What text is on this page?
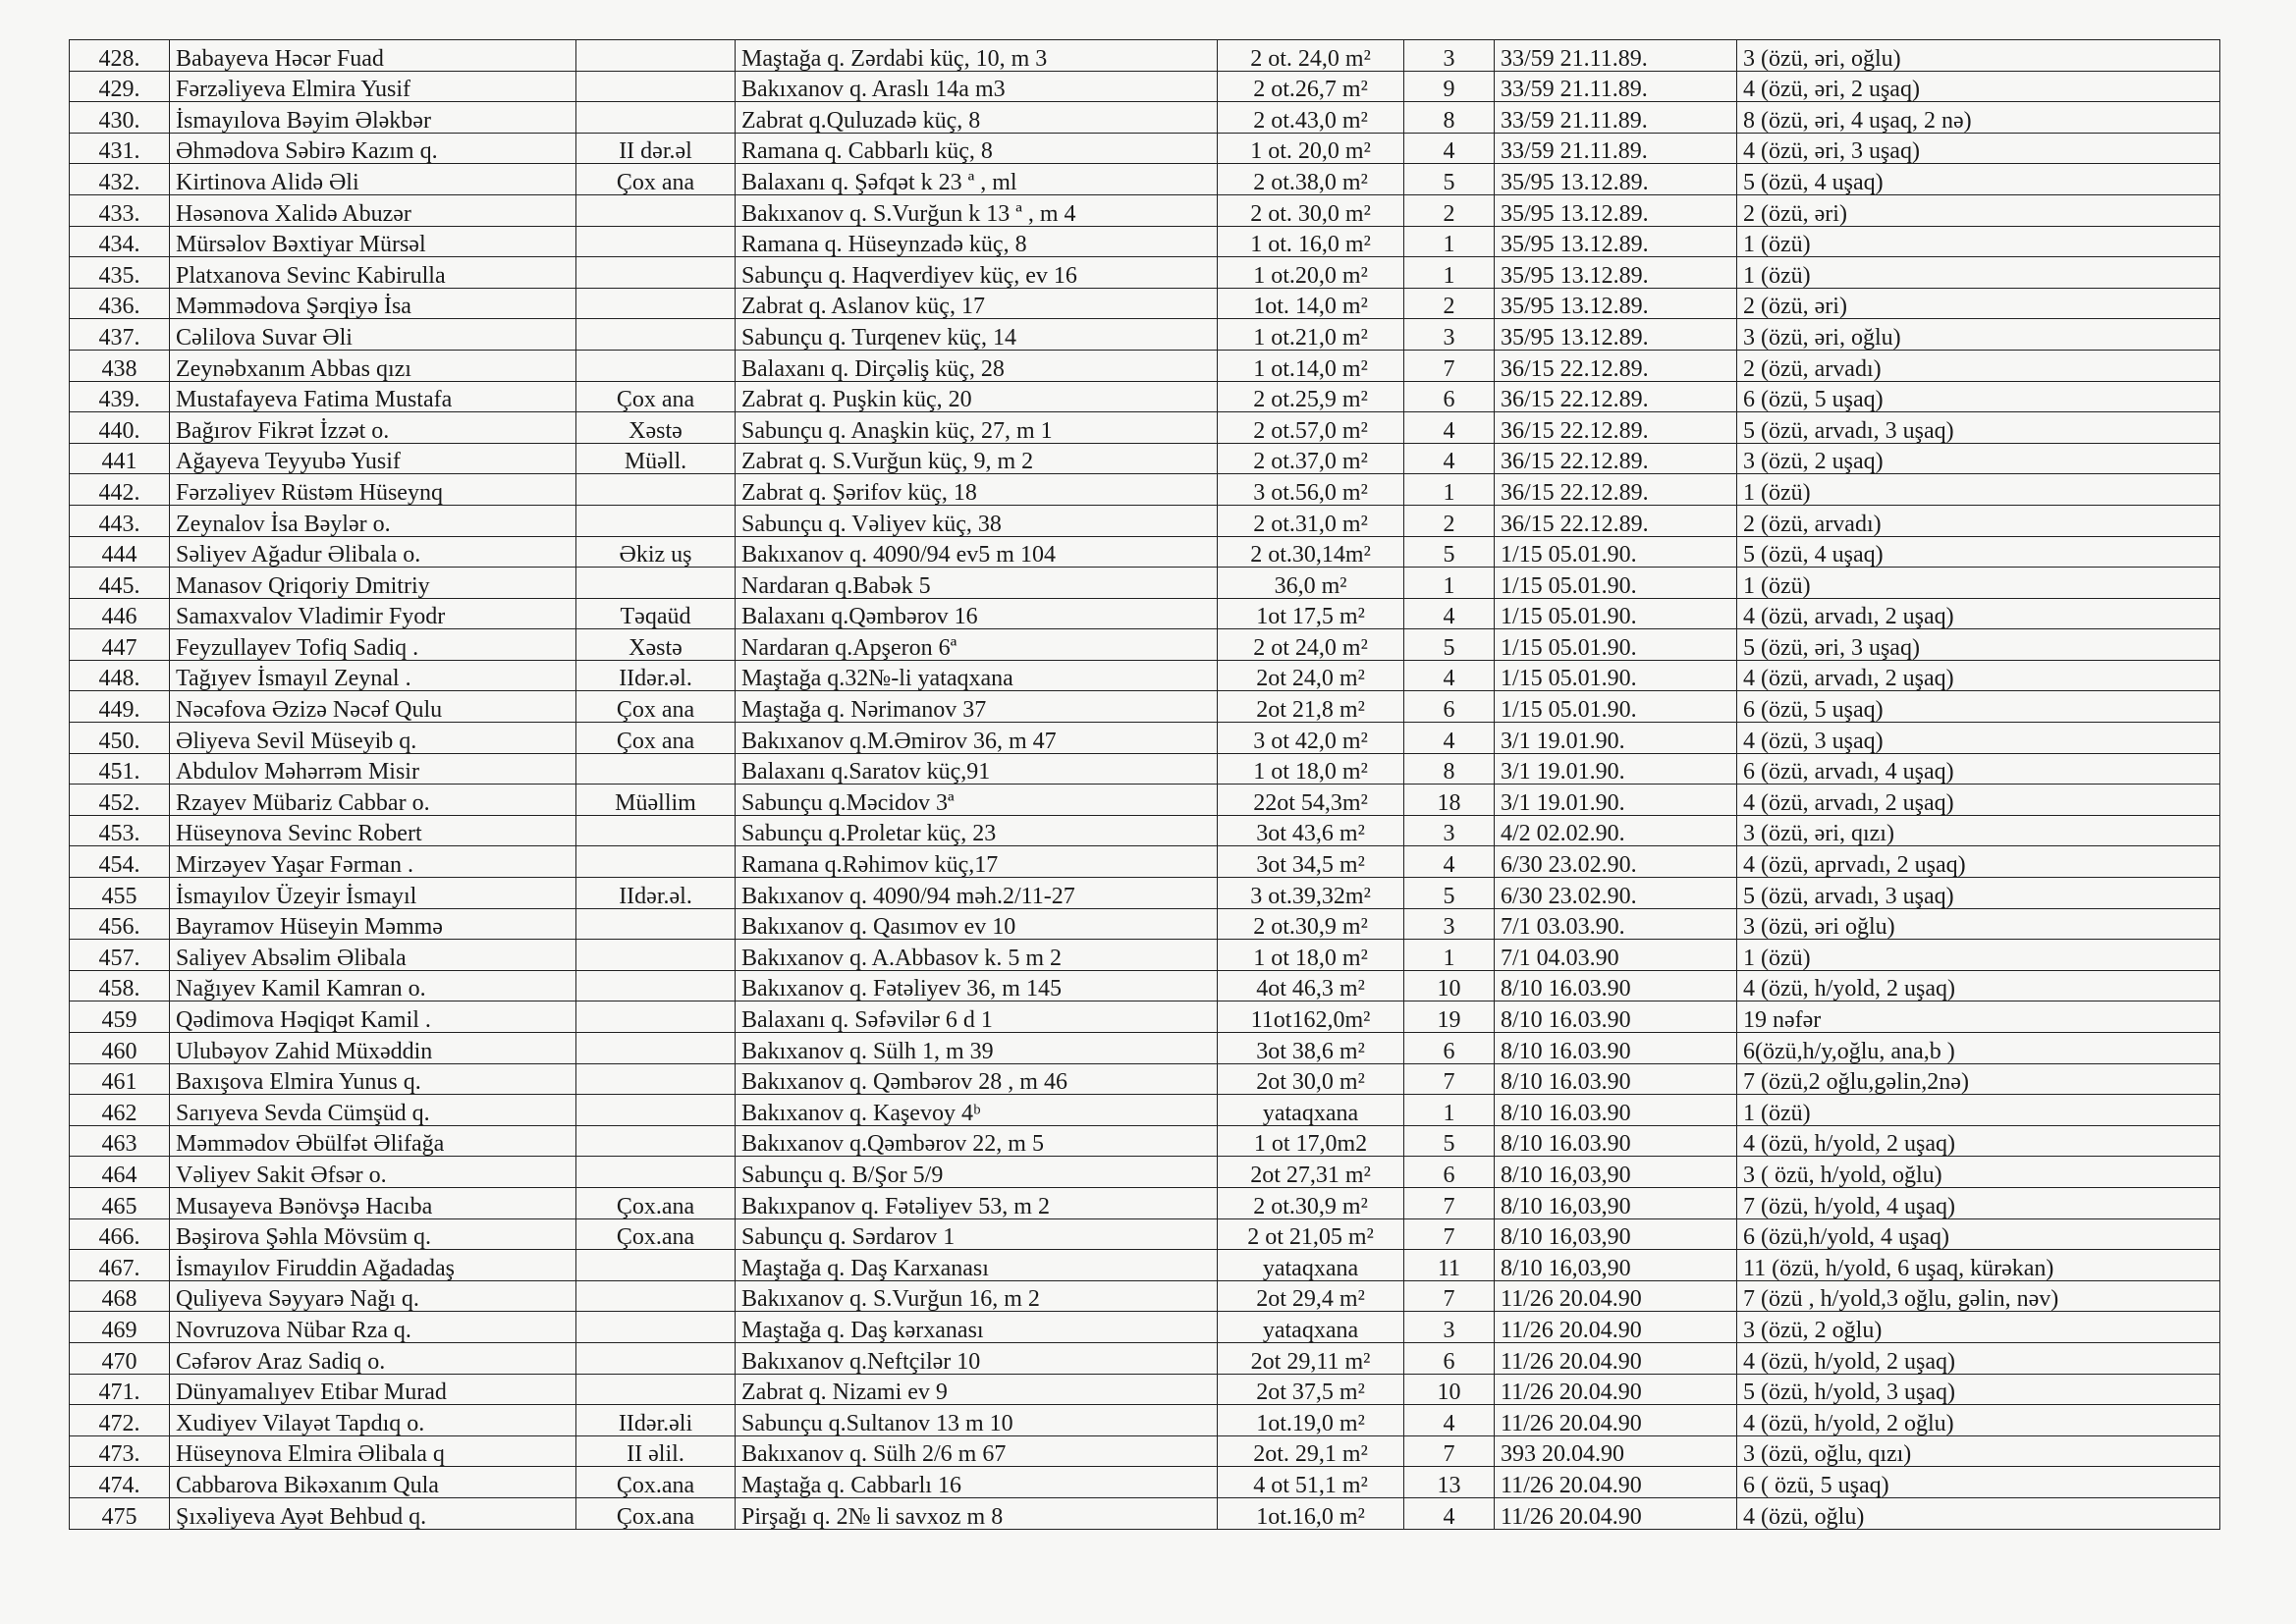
428.	Babayeva Həcər Fuad		Maştağa q. Zərdabi küç, 10, m 3	2 ot. 24,0 m²	3	33/59 21.11.89.	3 (özü, əri, oğlu)
429.	Fərzəliyeva Elmira Yusif		Bakıxanov q. Araslı 14a m3	2 ot.26,7 m²	9	33/59 21.11.89.	4 (özü, əri, 2 uşaq)
430.	İsmayılova Bəyim Ələkbər		Zabrat q.Quluzadə küç, 8	2 ot.43,0 m²	8	33/59 21.11.89.	8 (özü, əri, 4 uşaq, 2 nə)
431.	Əhmədova Səbirə Kazım q.	II dər.əl	Ramana q. Cabbarlı küç, 8	1 ot. 20,0 m²	4	33/59 21.11.89.	4 (özü, əri, 3 uşaq)
432.	Kirtinova Alidə Əli	Çox ana	Balaxanı q. Şəfqət k 23 ª , ml	2 ot.38,0 m²	5	35/95 13.12.89.	5 (özü, 4 uşaq)
433.	Həsənova Xalidə Abuzər		Bakıxanov q. S.Vurğun k 13 ª , m 4	2 ot. 30,0 m²	2	35/95 13.12.89.	2 (özü, əri)
434.	Mürsəlov Bəxtiyar Mürsəl		Ramana q. Hüseynzadə küç, 8	1 ot. 16,0 m²	1	35/95 13.12.89.	1 (özü)
435.	Platxanova Sevinc Kabirulla		Sabunçu q. Haqverdiyev küç, ev 16	1 ot.20,0 m²	1	35/95 13.12.89.	1 (özü)
436.	Məmmədova Şərqiyə İsa		Zabrat q. Aslanov küç, 17	1ot. 14,0 m²	2	35/95 13.12.89.	2 (özü, əri)
437.	Cəlilova Suvar Əli		Sabunçu q. Turqenev küç, 14	1 ot.21,0 m²	3	35/95 13.12.89.	3 (özü, əri, oğlu)
438	Zeynəbxanım Abbas qızı		Balaxanı q. Dirçəliş küç, 28	1 ot.14,0 m²	7	36/15 22.12.89.	2 (özü, arvadı)
439.	Mustafayeva Fatima Mustafa	Çox ana	Zabrat q. Puşkin küç, 20	2 ot.25,9 m²	6	36/15 22.12.89.	6 (özü, 5 uşaq)
440.	Bağırov Fikrət İzzət o.	Xəstə	Sabunçu q. Anaşkin küç, 27, m 1	2 ot.57,0 m²	4	36/15 22.12.89.	5 (özü, arvadı, 3 uşaq)
441	Ağayeva Teyyubə Yusif	Müəll.	Zabrat q. S.Vurğun küç, 9, m 2	2 ot.37,0 m²	4	36/15 22.12.89.	3 (özü, 2 uşaq)
442.	Fərzəliyev Rüstəm Hüseynq		Zabrat q. Şərifov küç, 18	3 ot.56,0 m²	1	36/15 22.12.89.	1 (özü)
443.	Zeynalov İsa Bəylər o.		Sabunçu q. Vəliyev küç, 38	2 ot.31,0 m²	2	36/15 22.12.89.	2 (özü, arvadı)
444	Səliyev Ağadur Əlibala o.	Əkiz uş	Bakıxanov q. 4090/94 ev5 m 104	2 ot.30,14m²	5	1/15 05.01.90.	5 (özü, 4 uşaq)
445.	Manasov Qriqoriy Dmitriy		Nardaran q.Babək 5	36,0 m²	1	1/15 05.01.90.	1 (özü)
446	Samaxvalov Vladimir Fyodr	Təqaüd	Balaxanı q.Qəmbərov 16	1ot 17,5 m²	4	1/15 05.01.90.	4 (özü, arvadı, 2 uşaq)
447	Feyzullayev Tofiq Sadiq .	Xəstə	Nardaran q.Apşeron 6ª	2 ot 24,0 m²	5	1/15 05.01.90.	5 (özü, əri, 3 uşaq)
448.	Tağıyev İsmayıl Zeynal .	IIdər.əl.	Maştağa q.32№-li yataqxana	2ot 24,0 m²	4	1/15 05.01.90.	4 (özü, arvadı, 2 uşaq)
449.	Nəcəfova Əzizə Nəcəf Qulu	Çox ana	Maştağa q. Nərimanov 37	2ot 21,8 m²	6	1/15 05.01.90.	6 (özü, 5 uşaq)
450.	Əliyeva Sevil Müseyib q.	Çox ana	Bakıxanov q.M.Əmirov 36, m 47	3 ot 42,0 m²	4	3/1 19.01.90.	4 (özü, 3 uşaq)
451.	Abdulov Məhərrəm Misir		Balaxanı q.Saratov küç,91	1 ot 18,0 m²	8	3/1 19.01.90.	6 (özü, arvadı, 4 uşaq)
452.	Rzayev Mübariz Cabbar o.	Müəllim	Sabunçu q.Məcidov 3ª	22ot 54,3m²	18	3/1 19.01.90.	4 (özü, arvadı, 2 uşaq)
453.	Hüseynova Sevinc Robert		Sabunçu q.Proletar küç, 23	3ot 43,6 m²	3	4/2 02.02.90.	3 (özü, əri, qızı)
454.	Mirzəyev Yaşar Fərman .		Ramana q.Rəhimov küç,17	3ot 34,5 m²	4	6/30 23.02.90.	4 (özü, aprvadı, 2 uşaq)
455	İsmayılov Üzeyir İsmayıl	IIdər.əl.	Bakıxanov q. 4090/94 məh.2/11-27	3 ot.39,32m²	5	6/30 23.02.90.	5 (özü, arvadı, 3 uşaq)
456.	Bayramov Hüseyin Məmmə		Bakıxanov q. Qasımov ev 10	2 ot.30,9 m²	3	7/1 03.03.90.	3 (özü, əri oğlu)
457.	Saliyev Absəlim Əlibala		Bakıxanov q. A.Abbasov k. 5 m 2	1 ot 18,0 m²	1	7/1 04.03.90	1 (özü)
458.	Nağıyev Kamil Kamran o.		Bakıxanov q. Fətəliyev 36, m 145	4ot 46,3 m²	10	8/10 16.03.90	4 (özü, h/yold, 2 uşaq)
459	Qədimova Həqiqət Kamil .		Balaxanı q. Səfəvilər 6 d 1	11ot162,0m²	19	8/10 16.03.90	19 nəfər
460	Ulubəyov Zahid Müxəddin		Bakıxanov q. Sülh 1, m 39	3ot 38,6 m²	6	8/10 16.03.90	6(özü,h/y,oğlu, ana,b )
461	Baxışova Elmira Yunus q.		Bakıxanov q. Qəmbərov 28 , m 46	2ot 30,0 m²	7	8/10 16.03.90	7 (özü,2 oğlu,gəlin,2nə)
462	Sarıyeva Sevda Cümşüd q.		Bakıxanov q. Kaşevoy 4ᵇ	yataqxana	1	8/10 16.03.90	1 (özü)
463	Məmmədov Əbülfət Əlifağa		Bakıxanov q.Qəmbərov 22, m 5	1 ot 17,0m2	5	8/10 16.03.90	4 (özü, h/yold, 2 uşaq)
464	Vəliyev Sakit Əfsər o.		Sabunçu q. B/Şor 5/9	2ot 27,31 m²	6	8/10 16,03,90	3 ( özü, h/yold, oğlu)
465	Musayeva Bənövşə Hacıba	Çox.ana	Bakıxpanov q. Fətəliyev 53, m 2	2 ot.30,9 m²	7	8/10 16,03,90	7 (özü, h/yold, 4 uşaq)
466.	Bəşirova Şəhla Mövsüm q.	Çox.ana	Sabunçu q. Sərdarov 1	2 ot 21,05 m²	7	8/10 16,03,90	6 (özü,h/yold, 4 uşaq)
467.	İsmayılov Firuddin Ağadadaş		Maştağa q. Daş Karxanası	yataqxana	11	8/10 16,03,90	11 (özü, h/yold, 6 uşaq, kürəkan)
468	Quliyeva Səyyarə Nağı q.		Bakıxanov q. S.Vurğun 16, m 2	2ot 29,4 m²	7	11/26 20.04.90	7 (özü , h/yold,3 oğlu, gəlin, nəv)
469	Novruzova Nübar Rza q.		Maştağa q. Daş kərxanası	yataqxana	3	11/26 20.04.90	3 (özü, 2 oğlu)
470	Cəfərov Araz Sadiq o.		Bakıxanov q.Neftçilər 10	2ot 29,11 m²	6	11/26 20.04.90	4 (özü, h/yold, 2 uşaq)
471.	Dünyamalıyev Etibar Murad		Zabrat q. Nizami ev 9	2ot 37,5 m²	10	11/26 20.04.90	5 (özü, h/yold, 3 uşaq)
472.	Xudiyev Vilayət Tapdıq o.	IIdər.əli	Sabunçu q.Sultanov 13 m 10	1ot.19,0 m²	4	11/26 20.04.90	4 (özü, h/yold, 2 oğlu)
473.	Hüseynova Elmira Əlibala q	II əlil.	Bakıxanov q. Sülh 2/6 m 67	2ot. 29,1 m²	7	393 20.04.90	3 (özü, oğlu, qızı)
474.	Cabbarova Bikəxanım Qula	Çox.ana	Maştağa q. Cabbarlı 16	4 ot 51,1 m²	13	11/26 20.04.90	6 ( özü, 5 uşaq)
475	Şıxəliyeva Ayət Behbud q.	Çox.ana	Pirşağı q. 2№ li savxoz m 8	1ot.16,0 m²	4	11/26 20.04.90	4 (özü, oğlu)
